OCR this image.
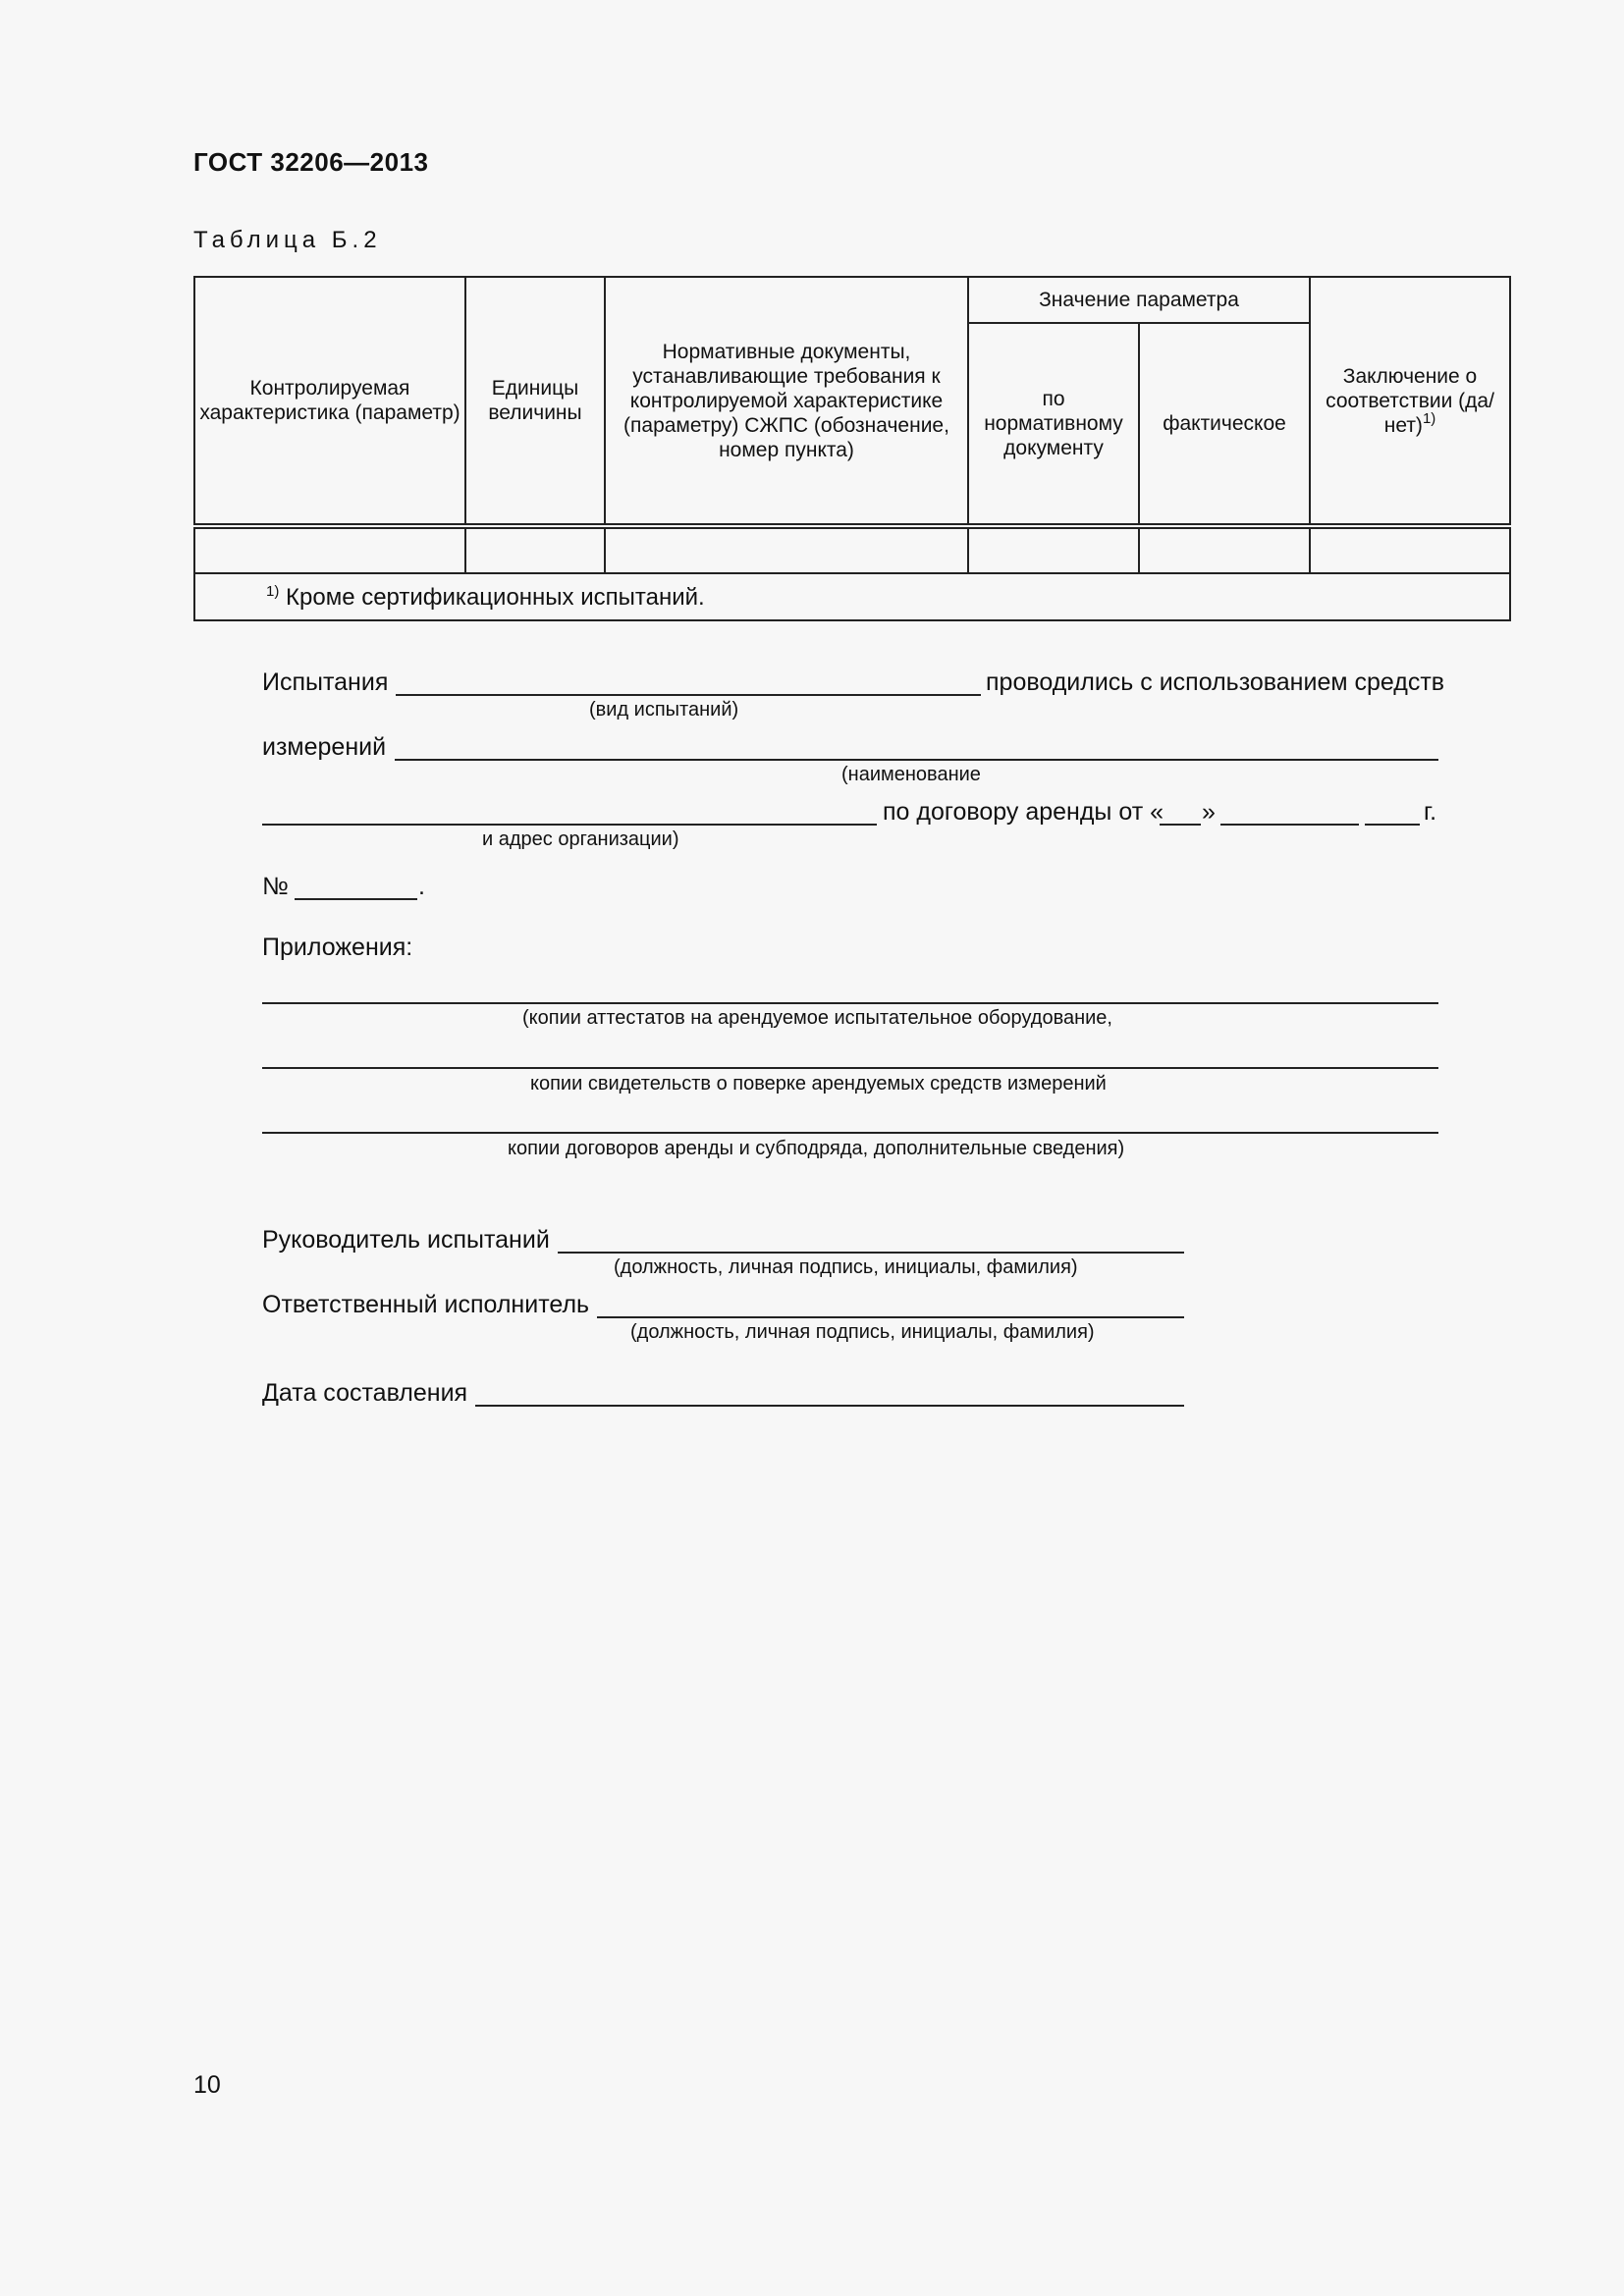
ГОСТ 32206—2013
Таблица Б.2
Контролируемая характеристика (параметр)	Единицы величины	Нормативные документы, устанавливающие требования к контролируемой характеристике (параметру) СЖПС (обозначение, номер пункта)	Значение параметра		Заключение о соответствии $(да/нет)^{1)}$
			по нормативному документу	фактическое	

$^{1)}$ Кроме сертификационных испытаний.					
Испытания	проводились с использованием средств
(вид испытаний)
измерений
(наименование
по договору аренды от « »	г.
и адрес организации)
№	.
Приложения:
(копии аттестатов на арендуемое испытательное оборудование,
копии свидетельств о поверке арендуемых средств измерений
копии договоров аренды и субподряда, дополнительные сведения)
Руководитель испытаний
(должность, личная подпись, инициалы, фамилия)
Ответственный исполнитель
(должность, личная подпись, инициалы, фамилия)
Дата составления
10
